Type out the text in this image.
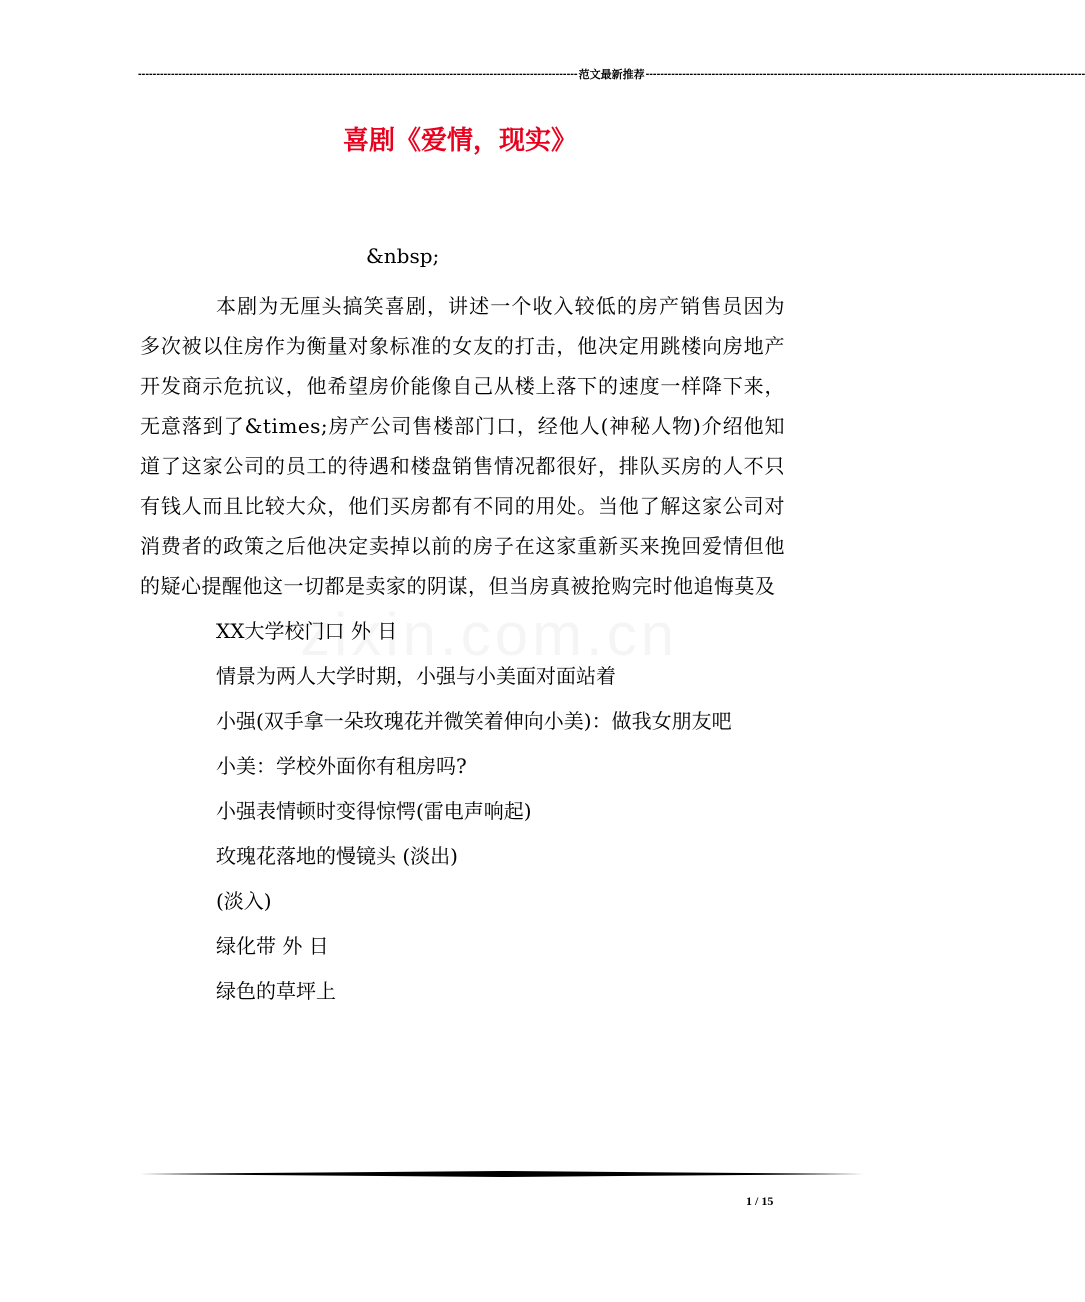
------------------------------------------------------------------------------------------------------------------------ 范文最新推荐 ------------------------------------------------------------------------------------------------------------------------
喜剧《爱情，现实》

&nbsp;

本剧为无厘头搞笑喜剧，讲述一个收入较低的房产销售员因为多次被以住房作为衡量对象标准的女友的打击，他决定用跳楼向房地产开发商示危抗议，他希望房价能像自己从楼上落下的速度一样降下来，无意落到了&times;房产公司售楼部门口，经他人(神秘人物)介绍他知道了这家公司的员工的待遇和楼盘销售情况都很好，排队买房的人不只有钱人而且比较大众，他们买房都有不同的用处。当他了解这家公司对消费者的政策之后他决定卖掉以前的房子在这家重新买来挽回爱情但他的疑心提醒他这一切都是卖家的阴谋，但当房真被抢购完时他追悔莫及

XX大学校门口 外 日

情景为两人大学时期，小强与小美面对面站着

小强(双手拿一朵玫瑰花并微笑着伸向小美)：做我女朋友吧

小美：学校外面你有租房吗?

小强表情顿时变得惊愕(雷电声响起)

玫瑰花落地的慢镜头 (淡出)

(淡入)

绿化带 外 日

绿色的草坪上

1 / 15
